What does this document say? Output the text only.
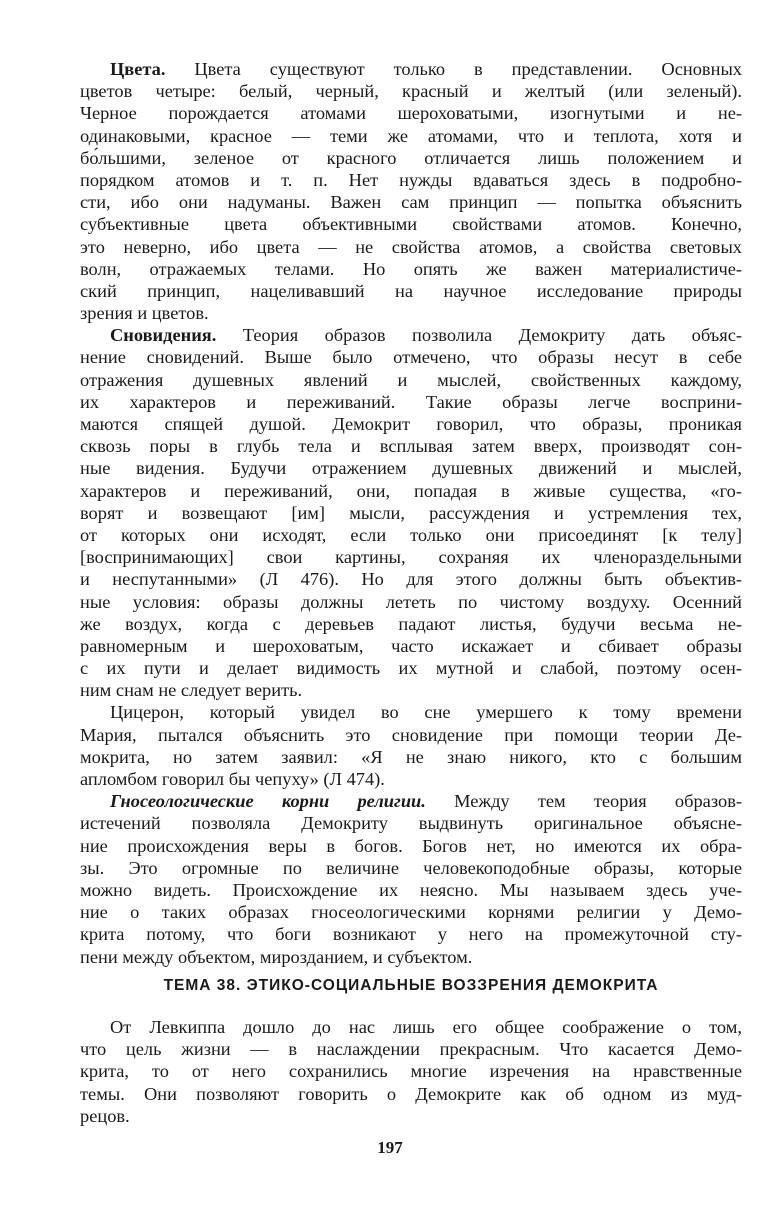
Цвета. Цвета существуют только в представлении. Основных
цветов четыре: белый, черный, красный и желтый (или зеленый).
Черное порождается атомами шероховатыми, изогнутыми и не-
одинаковыми, красное — теми же атомами, что и теплота, хотя и
бо́льшими, зеленое от красного отличается лишь положением и
порядком атомов и т. п. Нет нужды вдаваться здесь в подробно-
сти, ибо они надуманы. Важен сам принцип — попытка объяснить
субъективные цвета объективными свойствами атомов. Конечно,
это неверно, ибо цвета — не свойства атомов, а свойства световых
волн, отражаемых телами. Но опять же важен материалистиче-
ский принцип, нацеливавший на научное исследование природы
зрения и цветов.
Сновидения. Теория образов позволила Демокриту дать объяс-
нение сновидений. Выше было отмечено, что образы несут в себе
отражения душевных явлений и мыслей, свойственных каждому,
их характеров и переживаний. Такие образы легче восприни-
маются спящей душой. Демокрит говорил, что образы, проникая
сквозь поры в глубь тела и всплывая затем вверх, производят сон-
ные видения. Будучи отражением душевных движений и мыслей,
характеров и переживаний, они, попадая в живые существа, «го-
ворят и возвещают [им] мысли, рассуждения и устремления тех,
от которых они исходят, если только они присоединят [к телу]
[воспринимающих] свои картины, сохраняя их членораздельными
и неспутанными» (Л 476). Но для этого должны быть объектив-
ные условия: образы должны лететь по чистому воздуху. Осенний
же воздух, когда с деревьев падают листья, будучи весьма не-
равномерным и шероховатым, часто искажает и сбивает образы
с их пути и делает видимость их мутной и слабой, поэтому осен-
ним снам не следует верить.
Цицерон, который увидел во сне умершего к тому времени
Мария, пытался объяснить это сновидение при помощи теории Де-
мокрита, но затем заявил: «Я не знаю никого, кто с большим
апломбом говорил бы чепуху» (Л 474).
Гносеологические корни религии. Между тем теория образов-
истечений позволяла Демокриту выдвинуть оригинальное объясне-
ние происхождения веры в богов. Богов нет, но имеются их обра-
зы. Это огромные по величине человекоподобные образы, которые
можно видеть. Происхождение их неясно. Мы называем здесь уче-
ние о таких образах гносеологическими корнями религии у Демо-
крита потому, что боги возникают у него на промежуточной сту-
пени между объектом, мирозданием, и субъектом.
ТЕМА 38. ЭТИКО-СОЦИАЛЬНЫЕ ВОЗЗРЕНИЯ ДЕМОКРИТА
От Левкиппа дошло до нас лишь его общее соображение о том,
что цель жизни — в наслаждении прекрасным. Что касается Демо-
крита, то от него сохранились многие изречения на нравственные
темы. Они позволяют говорить о Демокрите как об одном из муд-
рецов.
197
